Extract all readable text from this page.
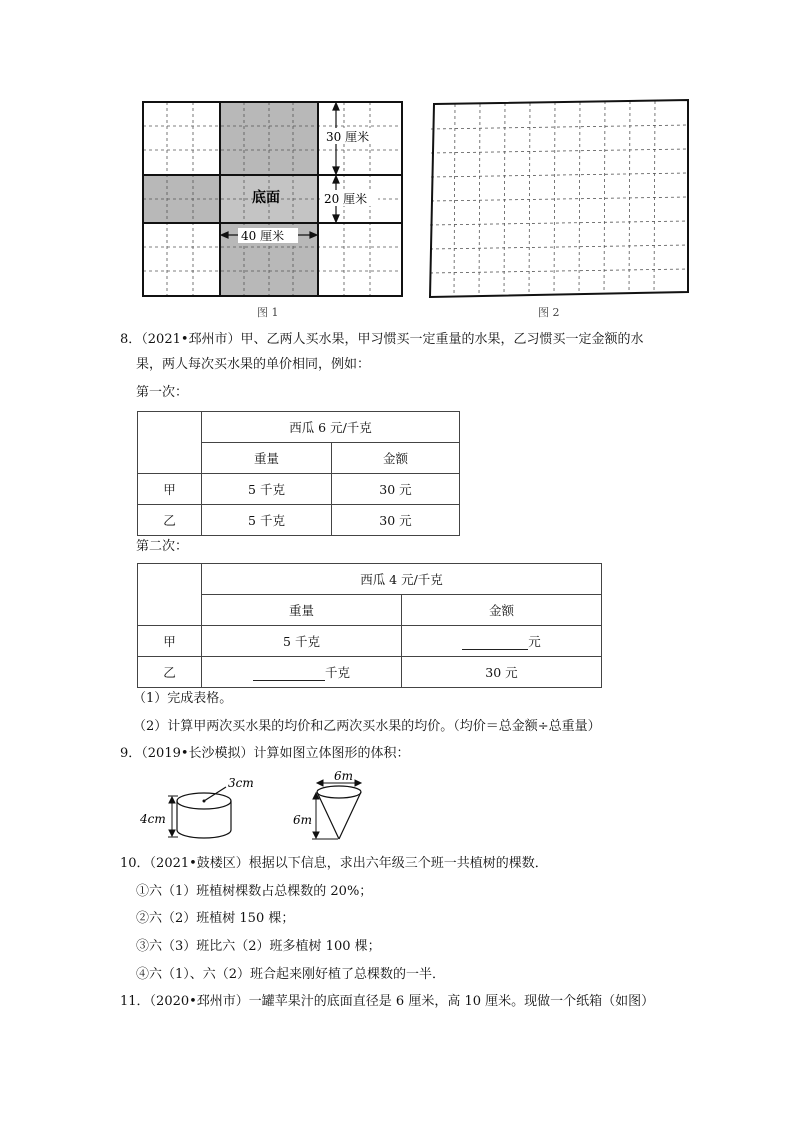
30 厘米
20 厘米
40 厘米
底面
图 1	图 2
8．（2021•邳州市）甲、乙两人买水果，甲习惯买一定重量的水果，乙习惯买一定金额的水
果，两人每次买水果的单价相同，例如：
第一次：
	西瓜 6 元/千克	
	重量	金额
甲	5 千克	30 元
乙	5 千克	30 元
第二次：
	西瓜 4 元/千克	
	重量	金额
甲	5 千克	元
乙	千克	30 元
（1）完成表格。
（2）计算甲两次买水果的均价和乙两次买水果的均价。（均价＝总金额÷总重量）
9．（2019•长沙模拟）计算如图立体图形的体积：
3cm
4cm
6m
6m
10．（2021•鼓楼区）根据以下信息，求出六年级三个班一共植树的棵数．
①六（1）班植树棵数占总棵数的 20%；
②六（2）班植树 150 棵；
③六（3）班比六（2）班多植树 100 棵；
④六（1）、六（2）班合起来刚好植了总棵数的一半．
11．（2020•邳州市）一罐苹果汁的底面直径是 6 厘米，高 10 厘米。现做一个纸箱（如图）
